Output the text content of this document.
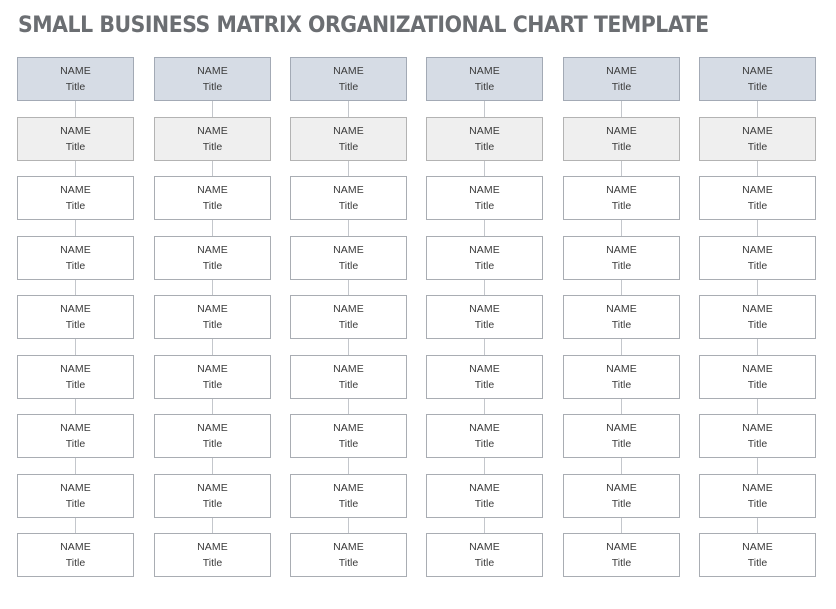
SMALL BUSINESS MATRIX ORGANIZATIONAL CHART TEMPLATE
NAME
Title
NAME
Title
NAME
Title
NAME
Title
NAME
Title
NAME
Title
NAME
Title
NAME
Title
NAME
Title
NAME
Title
NAME
Title
NAME
Title
NAME
Title
NAME
Title
NAME
Title
NAME
Title
NAME
Title
NAME
Title
NAME
Title
NAME
Title
NAME
Title
NAME
Title
NAME
Title
NAME
Title
NAME
Title
NAME
Title
NAME
Title
NAME
Title
NAME
Title
NAME
Title
NAME
Title
NAME
Title
NAME
Title
NAME
Title
NAME
Title
NAME
Title
NAME
Title
NAME
Title
NAME
Title
NAME
Title
NAME
Title
NAME
Title
NAME
Title
NAME
Title
NAME
Title
NAME
Title
NAME
Title
NAME
Title
NAME
Title
NAME
Title
NAME
Title
NAME
Title
NAME
Title
NAME
Title
